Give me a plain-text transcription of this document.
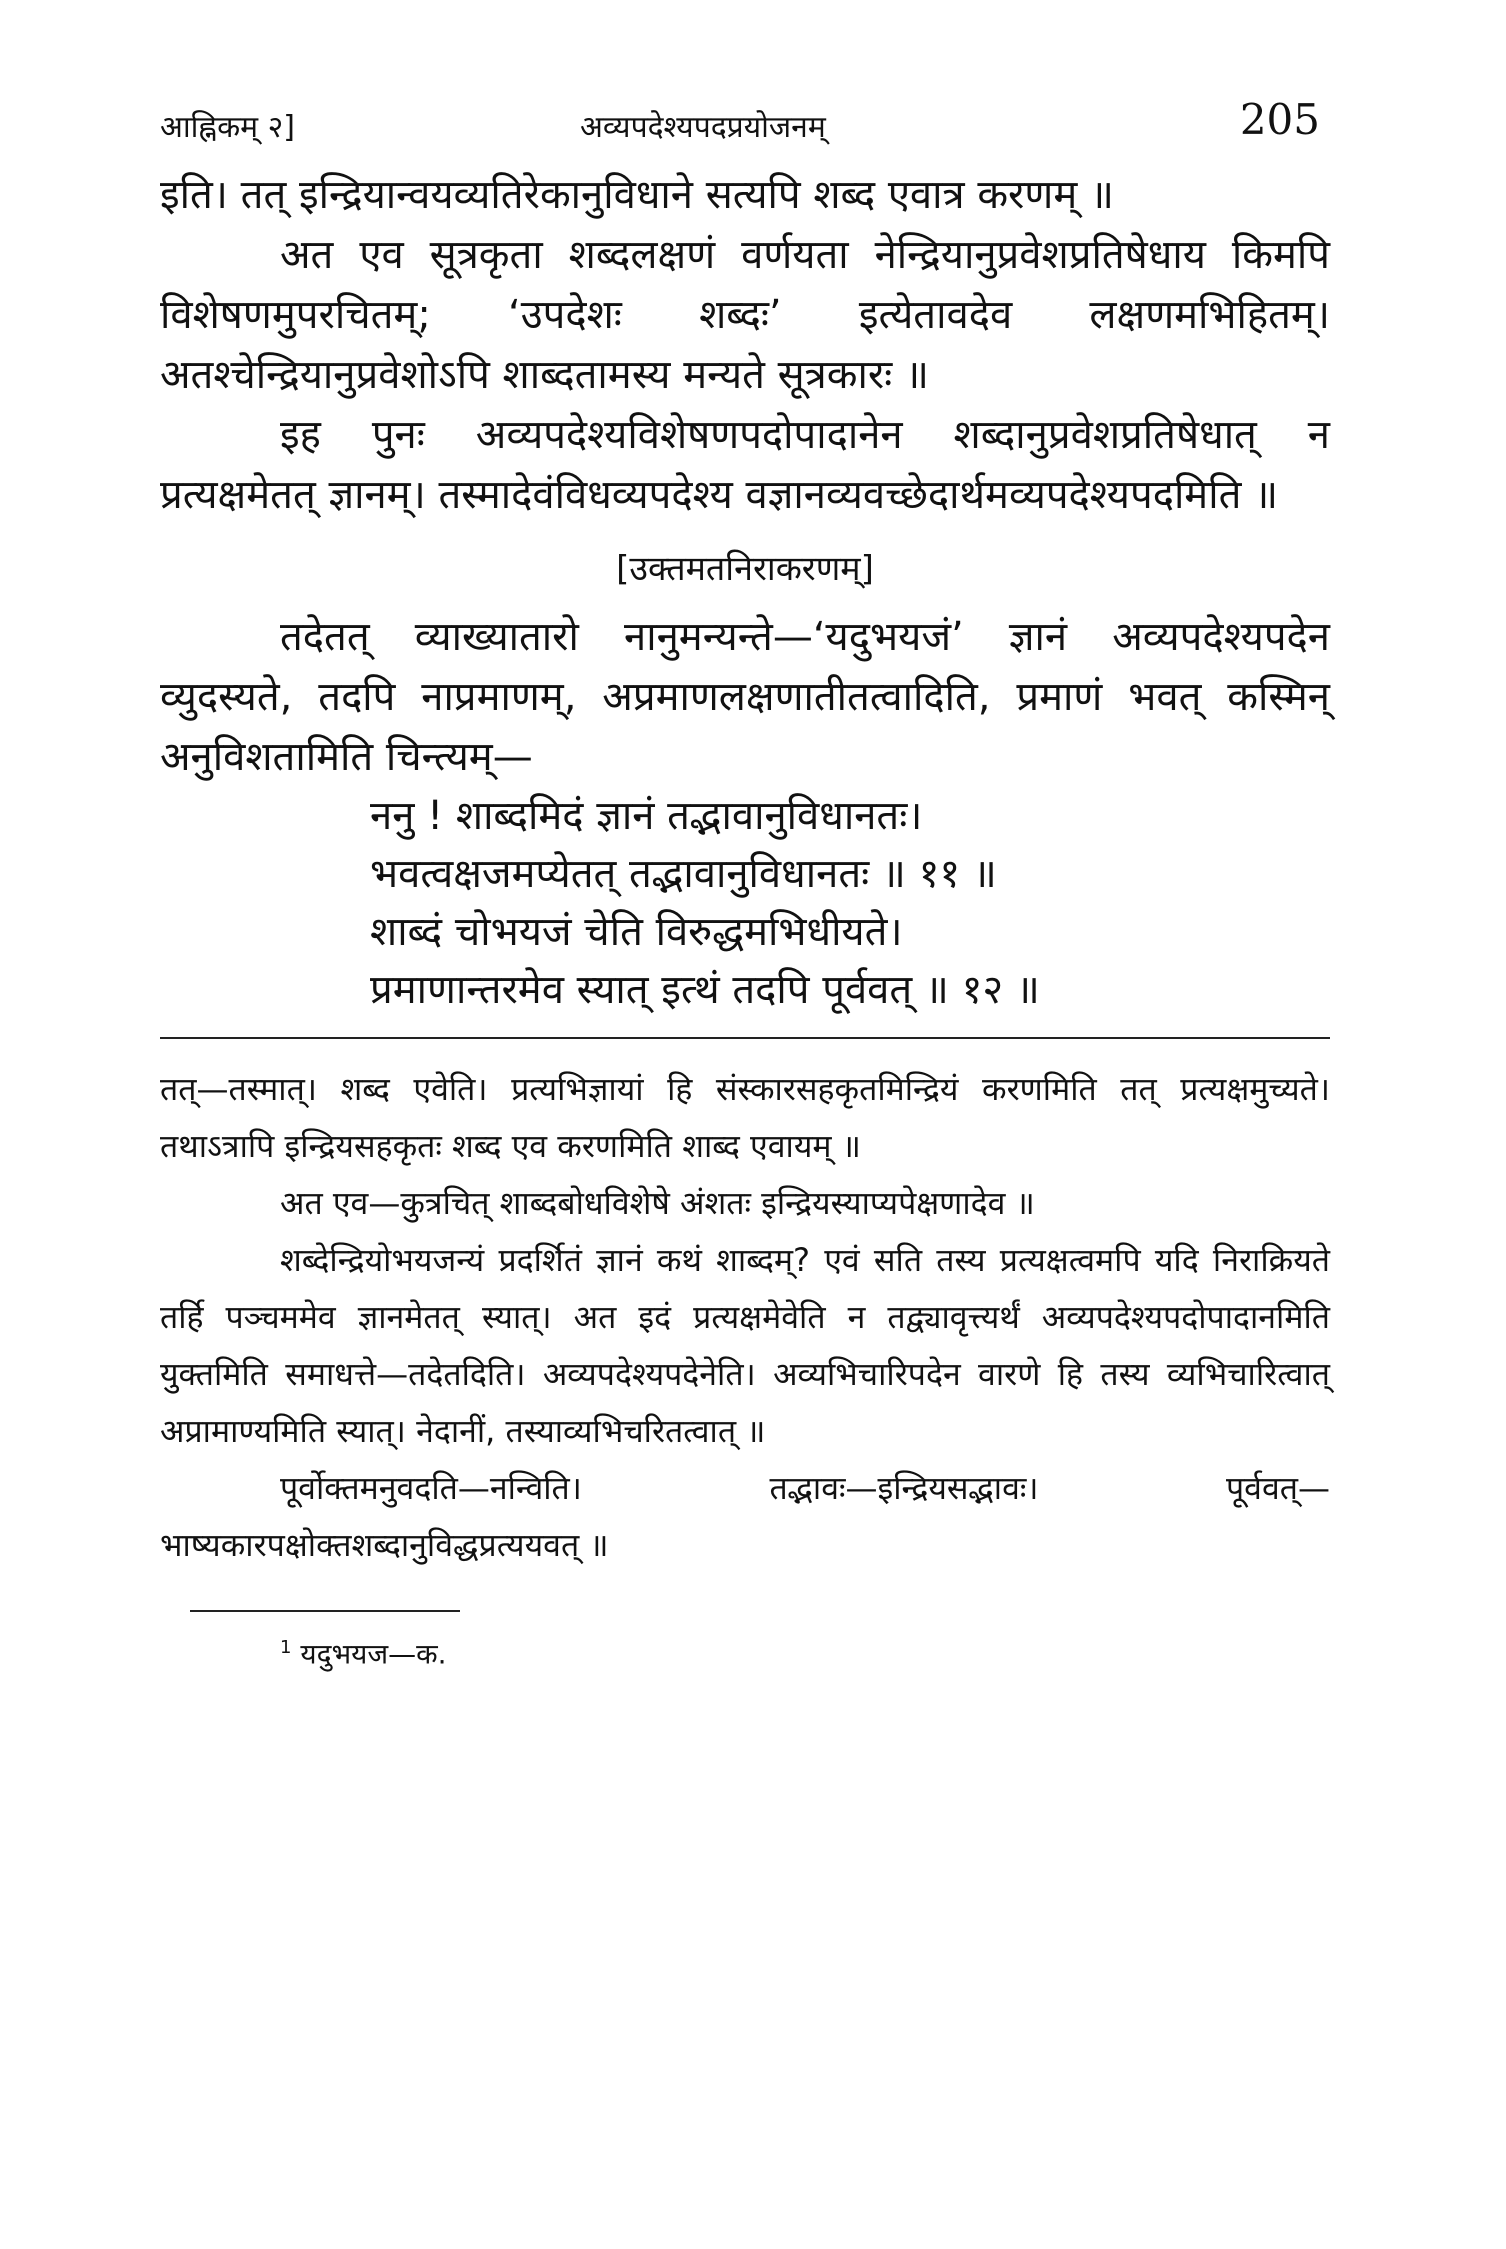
आह्निकम् २]	अव्यपदेश्यपदप्रयोजनम्	205

इति। तत् इन्द्रियान्वयव्यतिरेकानुविधाने सत्यपि शब्द एवात्र करणम् ॥

अत एव सूत्रकृता शब्दलक्षणं वर्णयता नेन्द्रियानुप्रवेशप्रतिषेधाय किमपि विशेषणमुपरचितम्; ‘उपदेशः शब्दः’ इत्येतावदेव लक्षणमभिहितम्। अतश्चेन्द्रियानुप्रवेशोऽपि शाब्दतामस्य मन्यते सूत्रकारः ॥

इह पुनः अव्यपदेश्यविशेषणपदोपादानेन शब्दानुप्रवेशप्रतिषेधात् न प्रत्यक्षमेतत् ज्ञानम्। तस्मादेवंविधव्यपदेश्य वज्ञानव्यवच्छेदार्थमव्यपदेश्यपदमिति ॥

[उक्तमतनिराकरणम्]

तदेतत् व्याख्यातारो नानुमन्यन्ते—‘यदुभयजं’ ज्ञानं अव्यपदेश्यपदेन व्युदस्यते, तदपि नाप्रमाणम्, अप्रमाणलक्षणातीतत्वादिति, प्रमाणं भवत् कस्मिन् अनुविशतामिति चिन्त्यम्—

ननु ! शाब्दमिदं ज्ञानं तद्भावानुविधानतः।
भवत्वक्षजमप्येतत् तद्भावानुविधानतः ॥ ११ ॥
शाब्दं चोभयजं चेति विरुद्धमभिधीयते।
प्रमाणान्तरमेव स्यात् इत्थं तदपि पूर्ववत् ॥ १२ ॥

तत्—तस्मात्। शब्द एवेति। प्रत्यभिज्ञायां हि संस्कारसहकृतमिन्द्रियं करणमिति तत् प्रत्यक्षमुच्यते। तथाऽत्रापि इन्द्रियसहकृतः शब्द एव करणमिति शाब्द एवायम् ॥

अत एव—कुत्रचित् शाब्दबोधविशेषे अंशतः इन्द्रियस्याप्यपेक्षणादेव ॥

शब्देन्द्रियोभयजन्यं प्रदर्शितं ज्ञानं कथं शाब्दम्? एवं सति तस्य प्रत्यक्षत्वमपि यदि निराक्रियते तर्हि पञ्चममेव ज्ञानमेतत् स्यात्। अत इदं प्रत्यक्षमेवेति न तद्व्यावृत्त्यर्थं अव्यपदेश्यपदोपादानमिति युक्तमिति समाधत्ते—तदेतदिति। अव्यपदेश्यपदेनेति। अव्यभिचारिपदेन वारणे हि तस्य व्यभिचारित्वात् अप्रामाण्यमिति स्यात्। नेदानीं, तस्याव्यभिचरितत्वात् ॥

पूर्वोक्तमनुवदति—नन्विति। तद्भावः—इन्द्रियसद्भावः। पूर्ववत्—भाष्यकारपक्षोक्तशब्दानुविद्धप्रत्ययवत् ॥

$^1$ यदुभयज—क.
